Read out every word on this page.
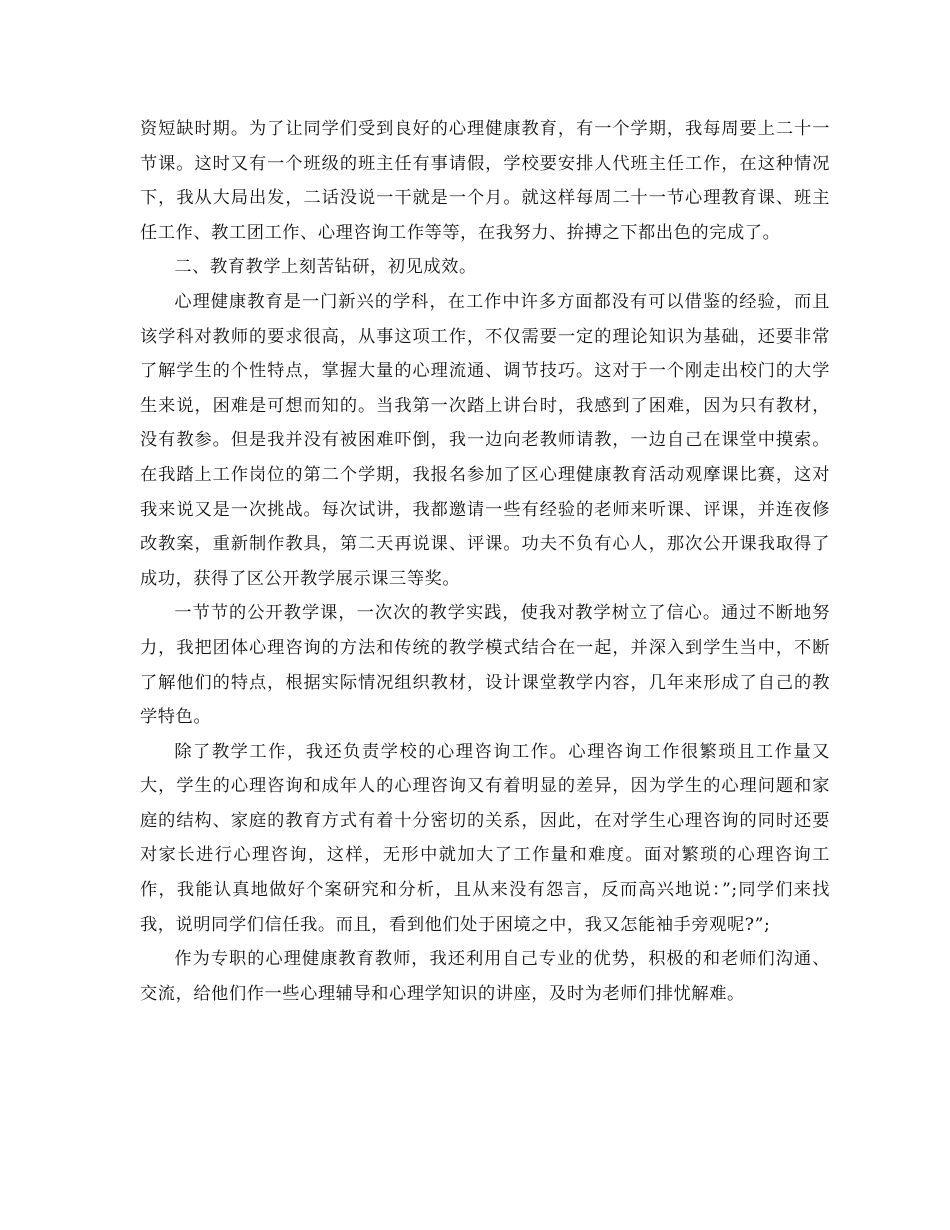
资短缺时期。为了让同学们受到良好的心理健康教育，有一个学期，我每周要上二十一节课。这时又有一个班级的班主任有事请假，学校要安排人代班主任工作，在这种情况下，我从大局出发，二话没说一干就是一个月。就这样每周二十一节心理教育课、班主任工作、教工团工作、心理咨询工作等等，在我努力、拚搏之下都出色的完成了。

二、教育教学上刻苦钻研，初见成效。

心理健康教育是一门新兴的学科，在工作中许多方面都没有可以借鉴的经验，而且该学科对教师的要求很高，从事这项工作，不仅需要一定的理论知识为基础，还要非常了解学生的个性特点，掌握大量的心理流通、调节技巧。这对于一个刚走出校门的大学生来说，困难是可想而知的。当我第一次踏上讲台时，我感到了困难，因为只有教材，没有教参。但是我并没有被困难吓倒，我一边向老教师请教，一边自己在课堂中摸索。在我踏上工作岗位的第二个学期，我报名参加了区心理健康教育活动观摩课比赛，这对我来说又是一次挑战。每次试讲，我都邀请一些有经验的老师来听课、评课，并连夜修改教案，重新制作教具，第二天再说课、评课。功夫不负有心人，那次公开课我取得了成功，获得了区公开教学展示课三等奖。

一节节的公开教学课，一次次的教学实践，使我对教学树立了信心。通过不断地努力，我把团体心理咨询的方法和传统的教学模式结合在一起，并深入到学生当中，不断了解他们的特点，根据实际情况组织教材，设计课堂教学内容，几年来形成了自己的教学特色。

除了教学工作，我还负责学校的心理咨询工作。心理咨询工作很繁琐且工作量又大，学生的心理咨询和成年人的心理咨询又有着明显的差异，因为学生的心理问题和家庭的结构、家庭的教育方式有着十分密切的关系，因此，在对学生心理咨询的同时还要对家长进行心理咨询，这样，无形中就加大了工作量和难度。面对繁琐的心理咨询工作，我能认真地做好个案研究和分析，且从来没有怨言，反而高兴地说：”;同学们来找我，说明同学们信任我。而且，看到他们处于困境之中，我又怎能袖手旁观呢?”;

作为专职的心理健康教育教师，我还利用自己专业的优势，积极的和老师们沟通、交流，给他们作一些心理辅导和心理学知识的讲座，及时为老师们排忧解难。
